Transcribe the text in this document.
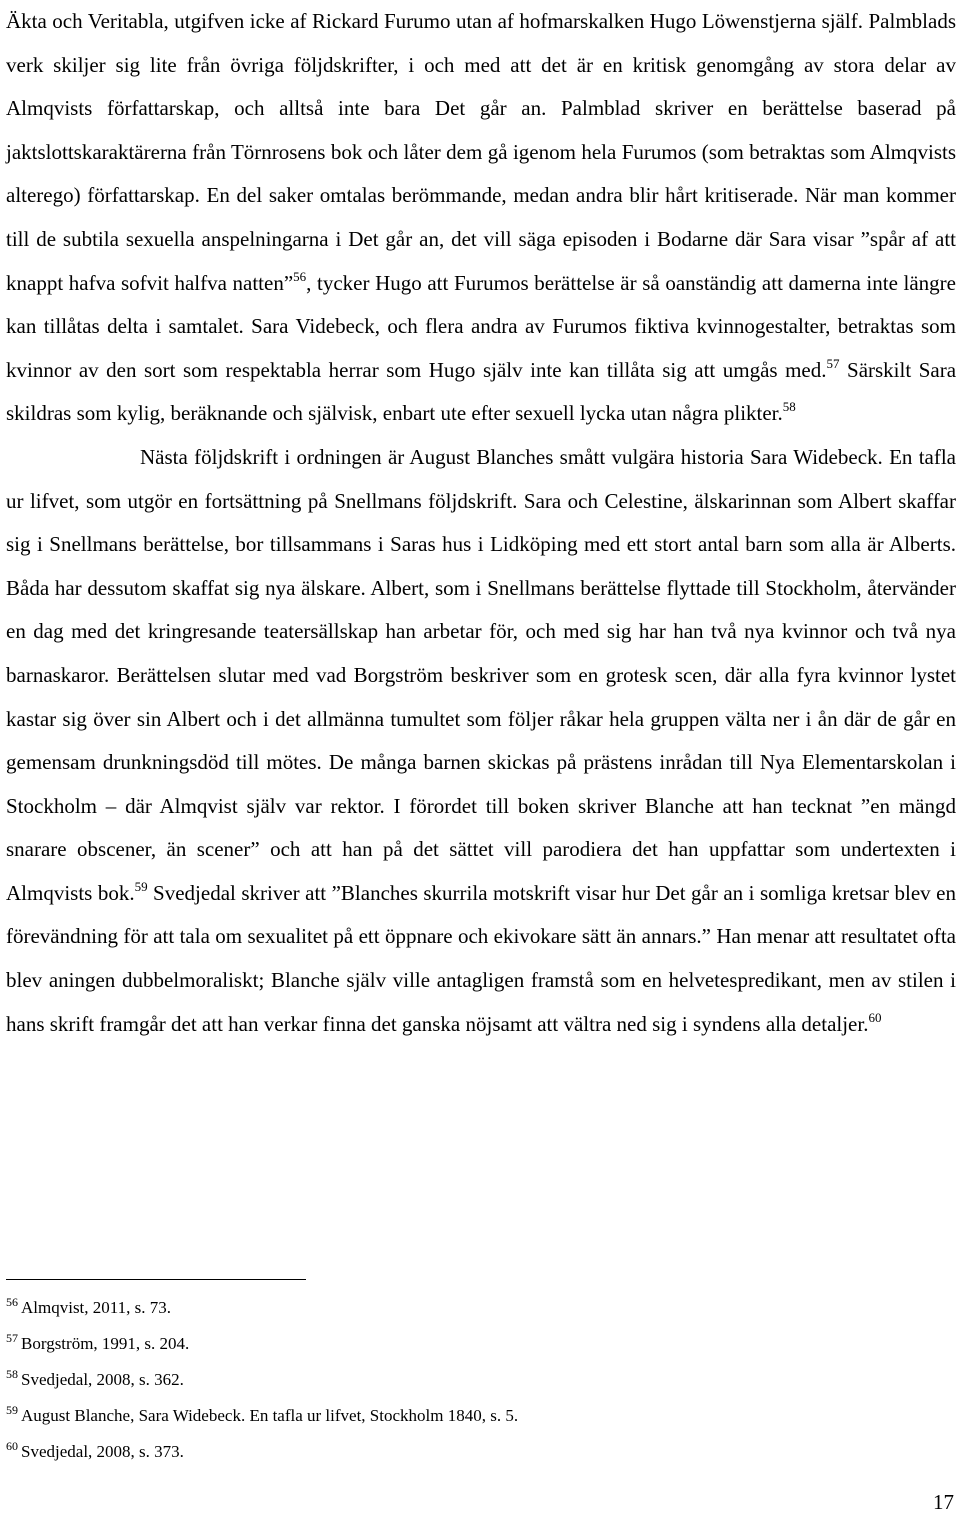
Äkta och Veritabla, utgifven icke af Rickard Furumo utan af hofmarskalken Hugo Löwenstjerna själf. Palmblads verk skiljer sig lite från övriga följdskrifter, i och med att det är en kritisk genomgång av stora delar av Almqvists författarskap, och alltså inte bara Det går an. Palmblad skriver en berättelse baserad på jaktslottskaraktärerna från Törnrosens bok och låter dem gå igenom hela Furumos (som betraktas som Almqvists alterego) författarskap. En del saker omtalas berömmande, medan andra blir hårt kritiserade. När man kommer till de subtila sexuella anspelningarna i Det går an, det vill säga episoden i Bodarne där Sara visar ”spår af att knappt hafva sofvit halfva natten”$^{56}$, tycker Hugo att Furumos berättelse är så oanständig att damerna inte längre kan tillåtas delta i samtalet. Sara Videbeck, och flera andra av Furumos fiktiva kvinnogestalter, betraktas som kvinnor av den sort som respektabla herrar som Hugo själv inte kan tillåta sig att umgås med.$^{57}$ Särskilt Sara skildras som kylig, beräknande och självisk, enbart ute efter sexuell lycka utan några plikter.$^{58}$

Nästa följdskrift i ordningen är August Blanches smått vulgära historia Sara Widebeck. En tafla ur lifvet, som utgör en fortsättning på Snellmans följdskrift. Sara och Celestine, älskarinnan som Albert skaffar sig i Snellmans berättelse, bor tillsammans i Saras hus i Lidköping med ett stort antal barn som alla är Alberts. Båda har dessutom skaffat sig nya älskare. Albert, som i Snellmans berättelse flyttade till Stockholm, återvänder en dag med det kringresande teatersällskap han arbetar för, och med sig har han två nya kvinnor och två nya barnaskaror. Berättelsen slutar med vad Borgström beskriver som en grotesk scen, där alla fyra kvinnor lystet kastar sig över sin Albert och i det allmänna tumultet som följer råkar hela gruppen välta ner i ån där de går en gemensam drunkningsdöd till mötes. De många barnen skickas på prästens inrådan till Nya Elementarskolan i Stockholm – där Almqvist själv var rektor. I förordet till boken skriver Blanche att han tecknat ”en mängd snarare obscener, än scener” och att han på det sättet vill parodiera det han uppfattar som undertexten i Almqvists bok.$^{59}$ Svedjedal skriver att ”Blanches skurrila motskrift visar hur Det går an i somliga kretsar blev en förevändning för att tala om sexualitet på ett öppnare och ekivokare sätt än annars.” Han menar att resultatet ofta blev aningen dubbelmoraliskt; Blanche själv ville antagligen framstå som en helvetespredikant, men av stilen i hans skrift framgår det att han verkar finna det ganska nöjsamt att vältra ned sig i syndens alla detaljer.$^{60}$

$^{56}$ Almqvist, 2011, s. 73.

$^{57}$ Borgström, 1991, s. 204.

$^{58}$ Svedjedal, 2008, s. 362.

$^{59}$ August Blanche, Sara Widebeck. En tafla ur lifvet, Stockholm 1840, s. 5.

$^{60}$ Svedjedal, 2008, s. 373.

17
